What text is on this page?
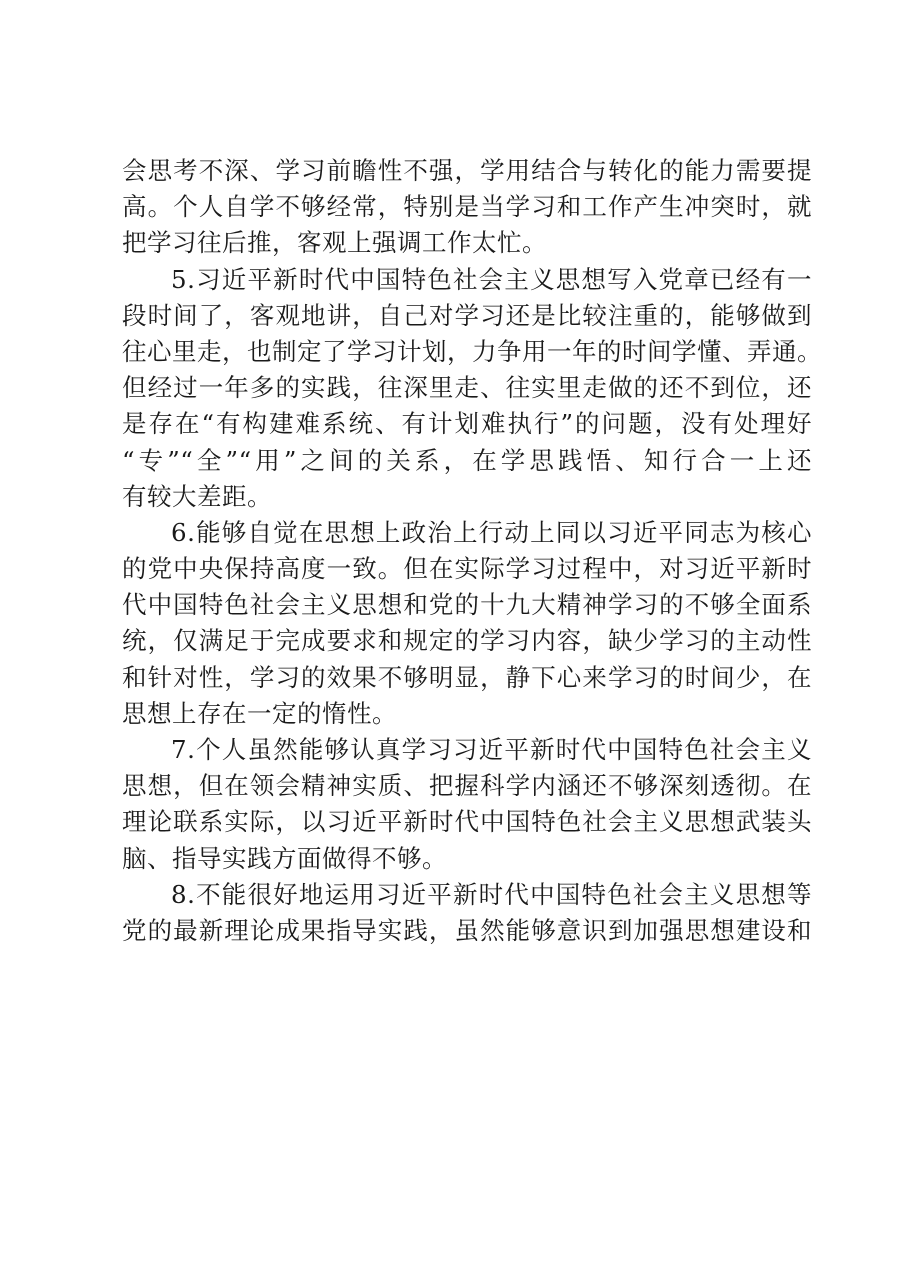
会思考不深、学习前瞻性不强，学用结合与转化的能力需要提
高。个人自学不够经常，特别是当学习和工作产生冲突时，就
把学习往后推，客观上强调工作太忙。
5.习近平新时代中国特色社会主义思想写入党章已经有一
段时间了，客观地讲，自己对学习还是比较注重的，能够做到
往心里走，也制定了学习计划，力争用一年的时间学懂、弄通。
但经过一年多的实践，往深里走、往实里走做的还不到位，还
是存在“有构建难系统、有计划难执行”的问题，没有处理好
“专”“全”“用”之间的关系，在学思践悟、知行合一上还
有较大差距。
6.能够自觉在思想上政治上行动上同以习近平同志为核心
的党中央保持高度一致。但在实际学习过程中，对习近平新时
代中国特色社会主义思想和党的十九大精神学习的不够全面系
统，仅满足于完成要求和规定的学习内容，缺少学习的主动性
和针对性，学习的效果不够明显，静下心来学习的时间少，在
思想上存在一定的惰性。
7.个人虽然能够认真学习习近平新时代中国特色社会主义
思想，但在领会精神实质、把握科学内涵还不够深刻透彻。在
理论联系实际，以习近平新时代中国特色社会主义思想武装头
脑、指导实践方面做得不够。
8.不能很好地运用习近平新时代中国特色社会主义思想等
党的最新理论成果指导实践，虽然能够意识到加强思想建设和
